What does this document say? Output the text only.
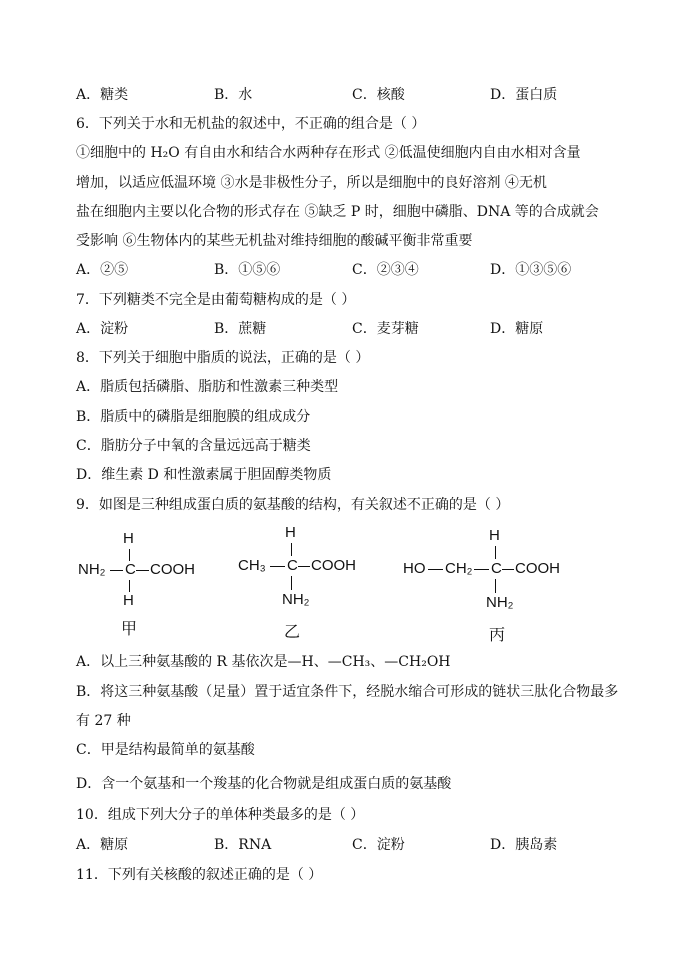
A．糖类	B．水	C．核酸	D．蛋白质
6．下列关于水和无机盐的叙述中，不正确的组合是（ ）
①细胞中的 H₂O 有自由水和结合水两种存在形式 ②低温使细胞内自由水相对含量
增加，以适应低温环境 ③水是非极性分子，所以是细胞中的良好溶剂 ④无机
盐在细胞内主要以化合物的形式存在 ⑤缺乏 P 时，细胞中磷脂、DNA 等的合成就会
受影响 ⑥生物体内的某些无机盐对维持细胞的酸碱平衡非常重要
A．②⑤	B．①⑤⑥	C．②③④	D．①③⑤⑥
7．下列糖类不完全是由葡萄糖构成的是（ ）
A．淀粉	B．蔗糖	C．麦芽糖	D．糖原
8．下列关于细胞中脂质的说法，正确的是（ ）
A．脂质包括磷脂、脂肪和性激素三种类型
B．脂质中的磷脂是细胞膜的组成成分
C．脂肪分子中氧的含量远远高于糖类
D．维生素 D 和性激素属于胆固醇类物质
9．如图是三种组成蛋白质的氨基酸的结构，有关叙述不正确的是（ ）
H
NH₂ C COOH
H
甲
H
CH₃ C COOH
NH₂
乙
H
HO CH₂ C COOH
NH₂
丙
A．以上三种氨基酸的 R 基依次是—H、—CH₃、—CH₂OH
B．将这三种氨基酸（足量）置于适宜条件下，经脱水缩合可形成的链状三肽化合物最多
有 27 种
C．甲是结构最简单的氨基酸
D．含一个氨基和一个羧基的化合物就是组成蛋白质的氨基酸
10．组成下列大分子的单体种类最多的是（ ）
A．糖原	B．RNA	C．淀粉	D．胰岛素
11．下列有关核酸的叙述正确的是（ ）
